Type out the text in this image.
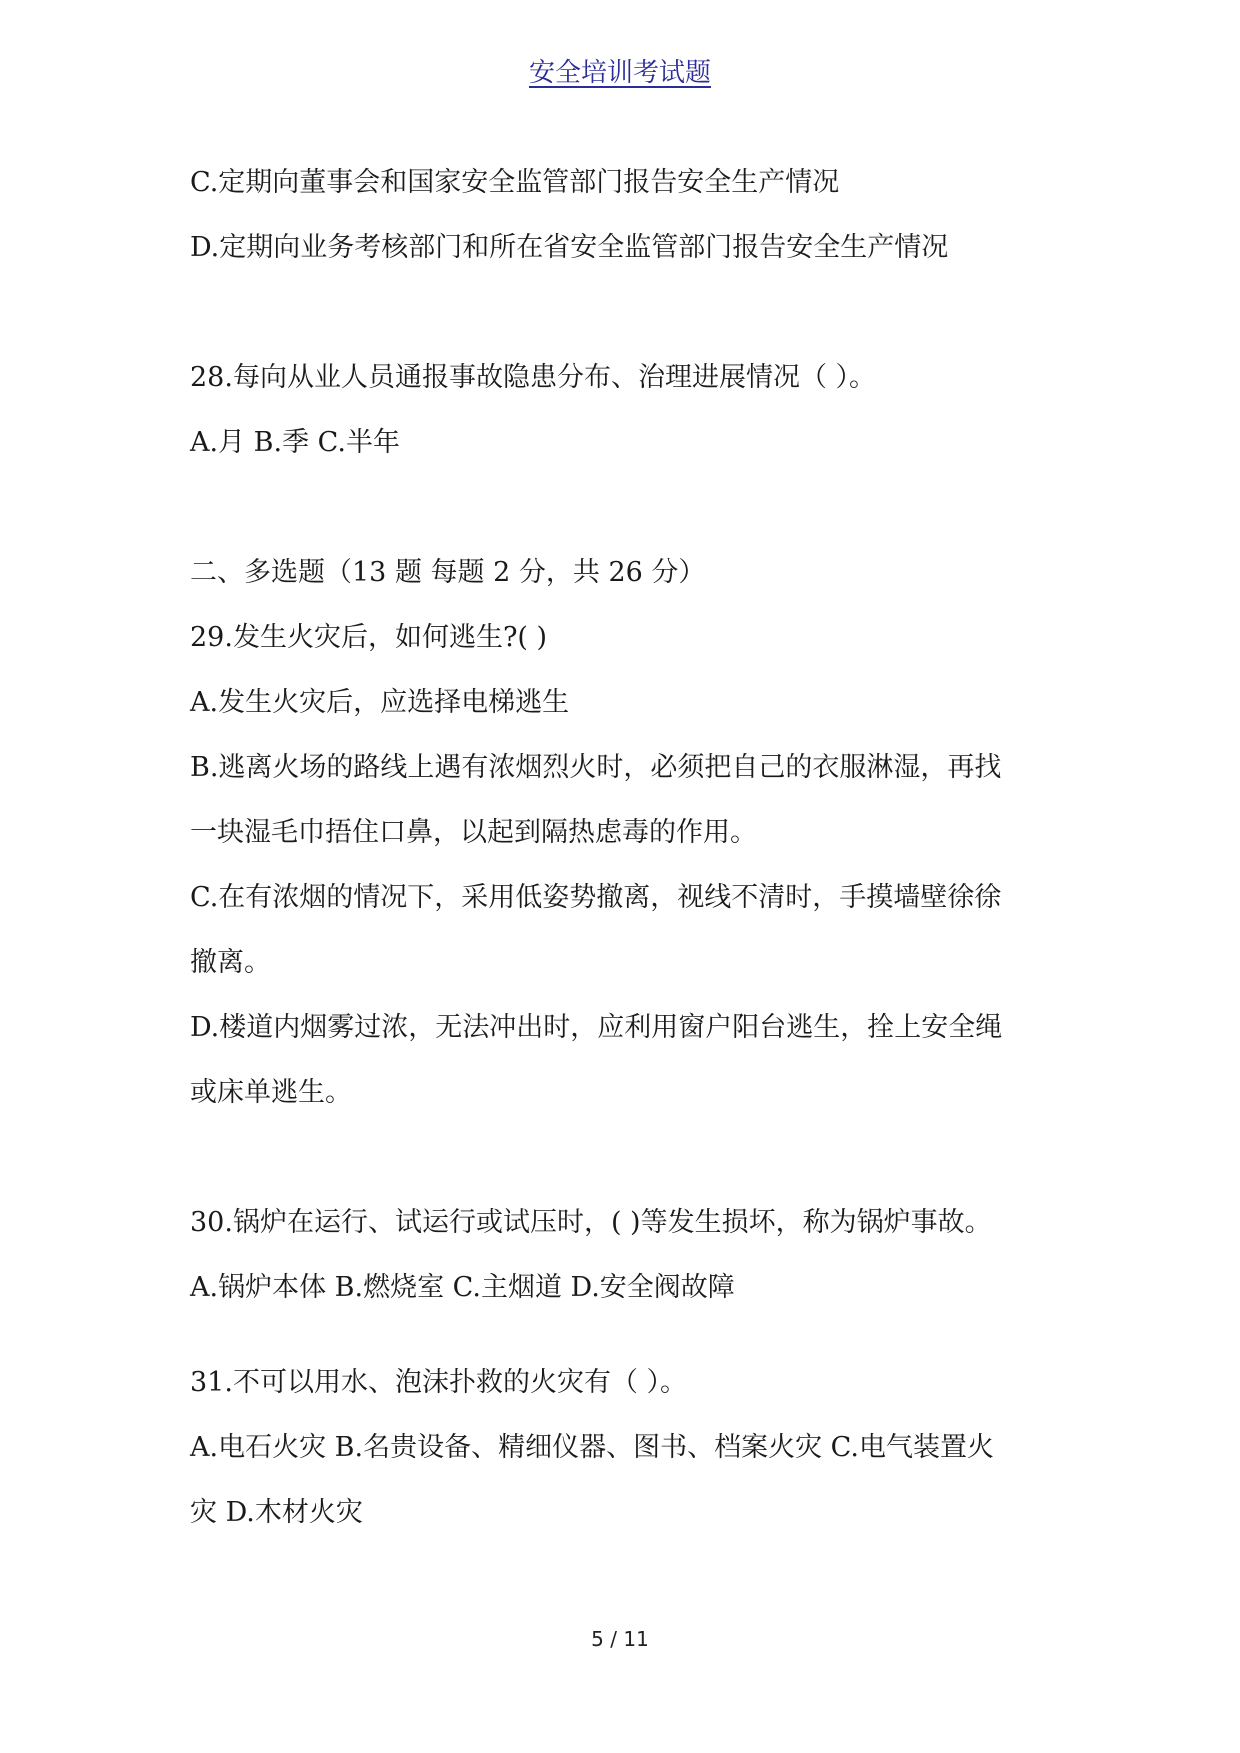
安全培训考试题
C.定期向董事会和国家安全监管部门报告安全生产情况
D.定期向业务考核部门和所在省安全监管部门报告安全生产情况
28.每向从业人员通报事故隐患分布、治理进展情况（ ）。
A.月 B.季 C.半年
二、多选题（13 题 每题 2 分，共 26 分）
29.发生火灾后，如何逃生?( )
A.发生火灾后，应选择电梯逃生
B.逃离火场的路线上遇有浓烟烈火时，必须把自己的衣服淋湿，再找
一块湿毛巾捂住口鼻，以起到隔热虑毒的作用。
C.在有浓烟的情况下，采用低姿势撤离，视线不清时，手摸墙壁徐徐
撤离。
D.楼道内烟雾过浓，无法冲出时，应利用窗户阳台逃生，拴上安全绳
或床单逃生。
30.锅炉在运行、试运行或试压时，( )等发生损坏，称为锅炉事故。
A.锅炉本体 B.燃烧室 C.主烟道 D.安全阀故障
31.不可以用水、泡沫扑救的火灾有（ ）。
A.电石火灾 B.名贵设备、精细仪器、图书、档案火灾 C.电气装置火
灾 D.木材火灾
5 / 11
